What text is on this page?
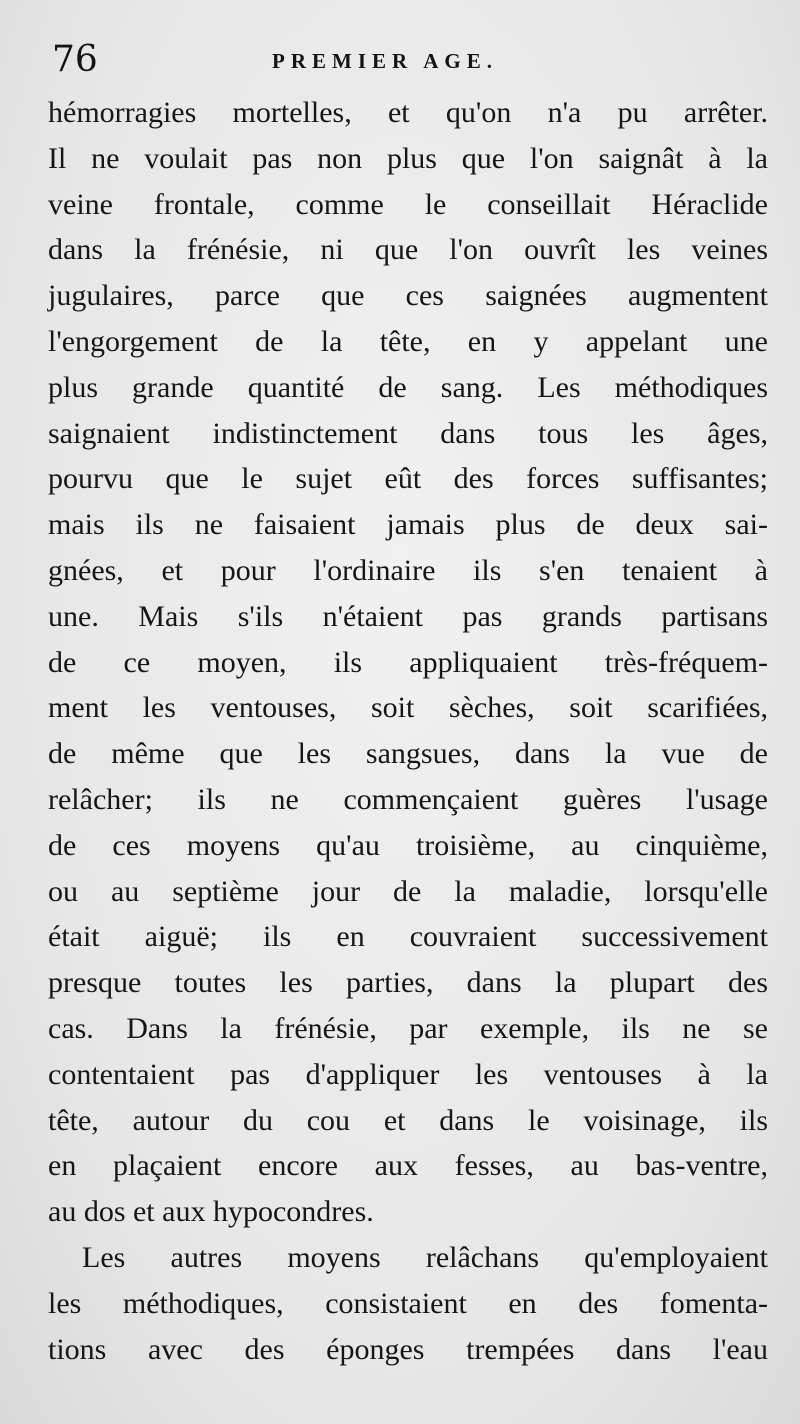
76	PREMIER AGE.
hémorragies mortelles, et qu'on n'a pu arrêter.
Il ne voulait pas non plus que l'on saignât à la
veine frontale, comme le conseillait Héraclide
dans la frénésie, ni que l'on ouvrît les veines
jugulaires, parce que ces saignées augmentent
l'engorgement de la tête, en y appelant une
plus grande quantité de sang. Les méthodiques
saignaient indistinctement dans tous les âges,
pourvu que le sujet eût des forces suffisantes;
mais ils ne faisaient jamais plus de deux sai-
gnées, et pour l'ordinaire ils s'en tenaient à
une. Mais s'ils n'étaient pas grands partisans
de ce moyen, ils appliquaient très-fréquem-
ment les ventouses, soit sèches, soit scarifiées,
de même que les sangsues, dans la vue de
relâcher; ils ne commençaient guères l'usage
de ces moyens qu'au troisième, au cinquième,
ou au septième jour de la maladie, lorsqu'elle
était aiguë; ils en couvraient successivement
presque toutes les parties, dans la plupart des
cas. Dans la frénésie, par exemple, ils ne se
contentaient pas d'appliquer les ventouses à la
tête, autour du cou et dans le voisinage, ils
en plaçaient encore aux fesses, au bas-ventre,
au dos et aux hypocondres.
Les autres moyens relâchans qu'employaient
les méthodiques, consistaient en des fomenta-
tions avec des éponges trempées dans l'eau
